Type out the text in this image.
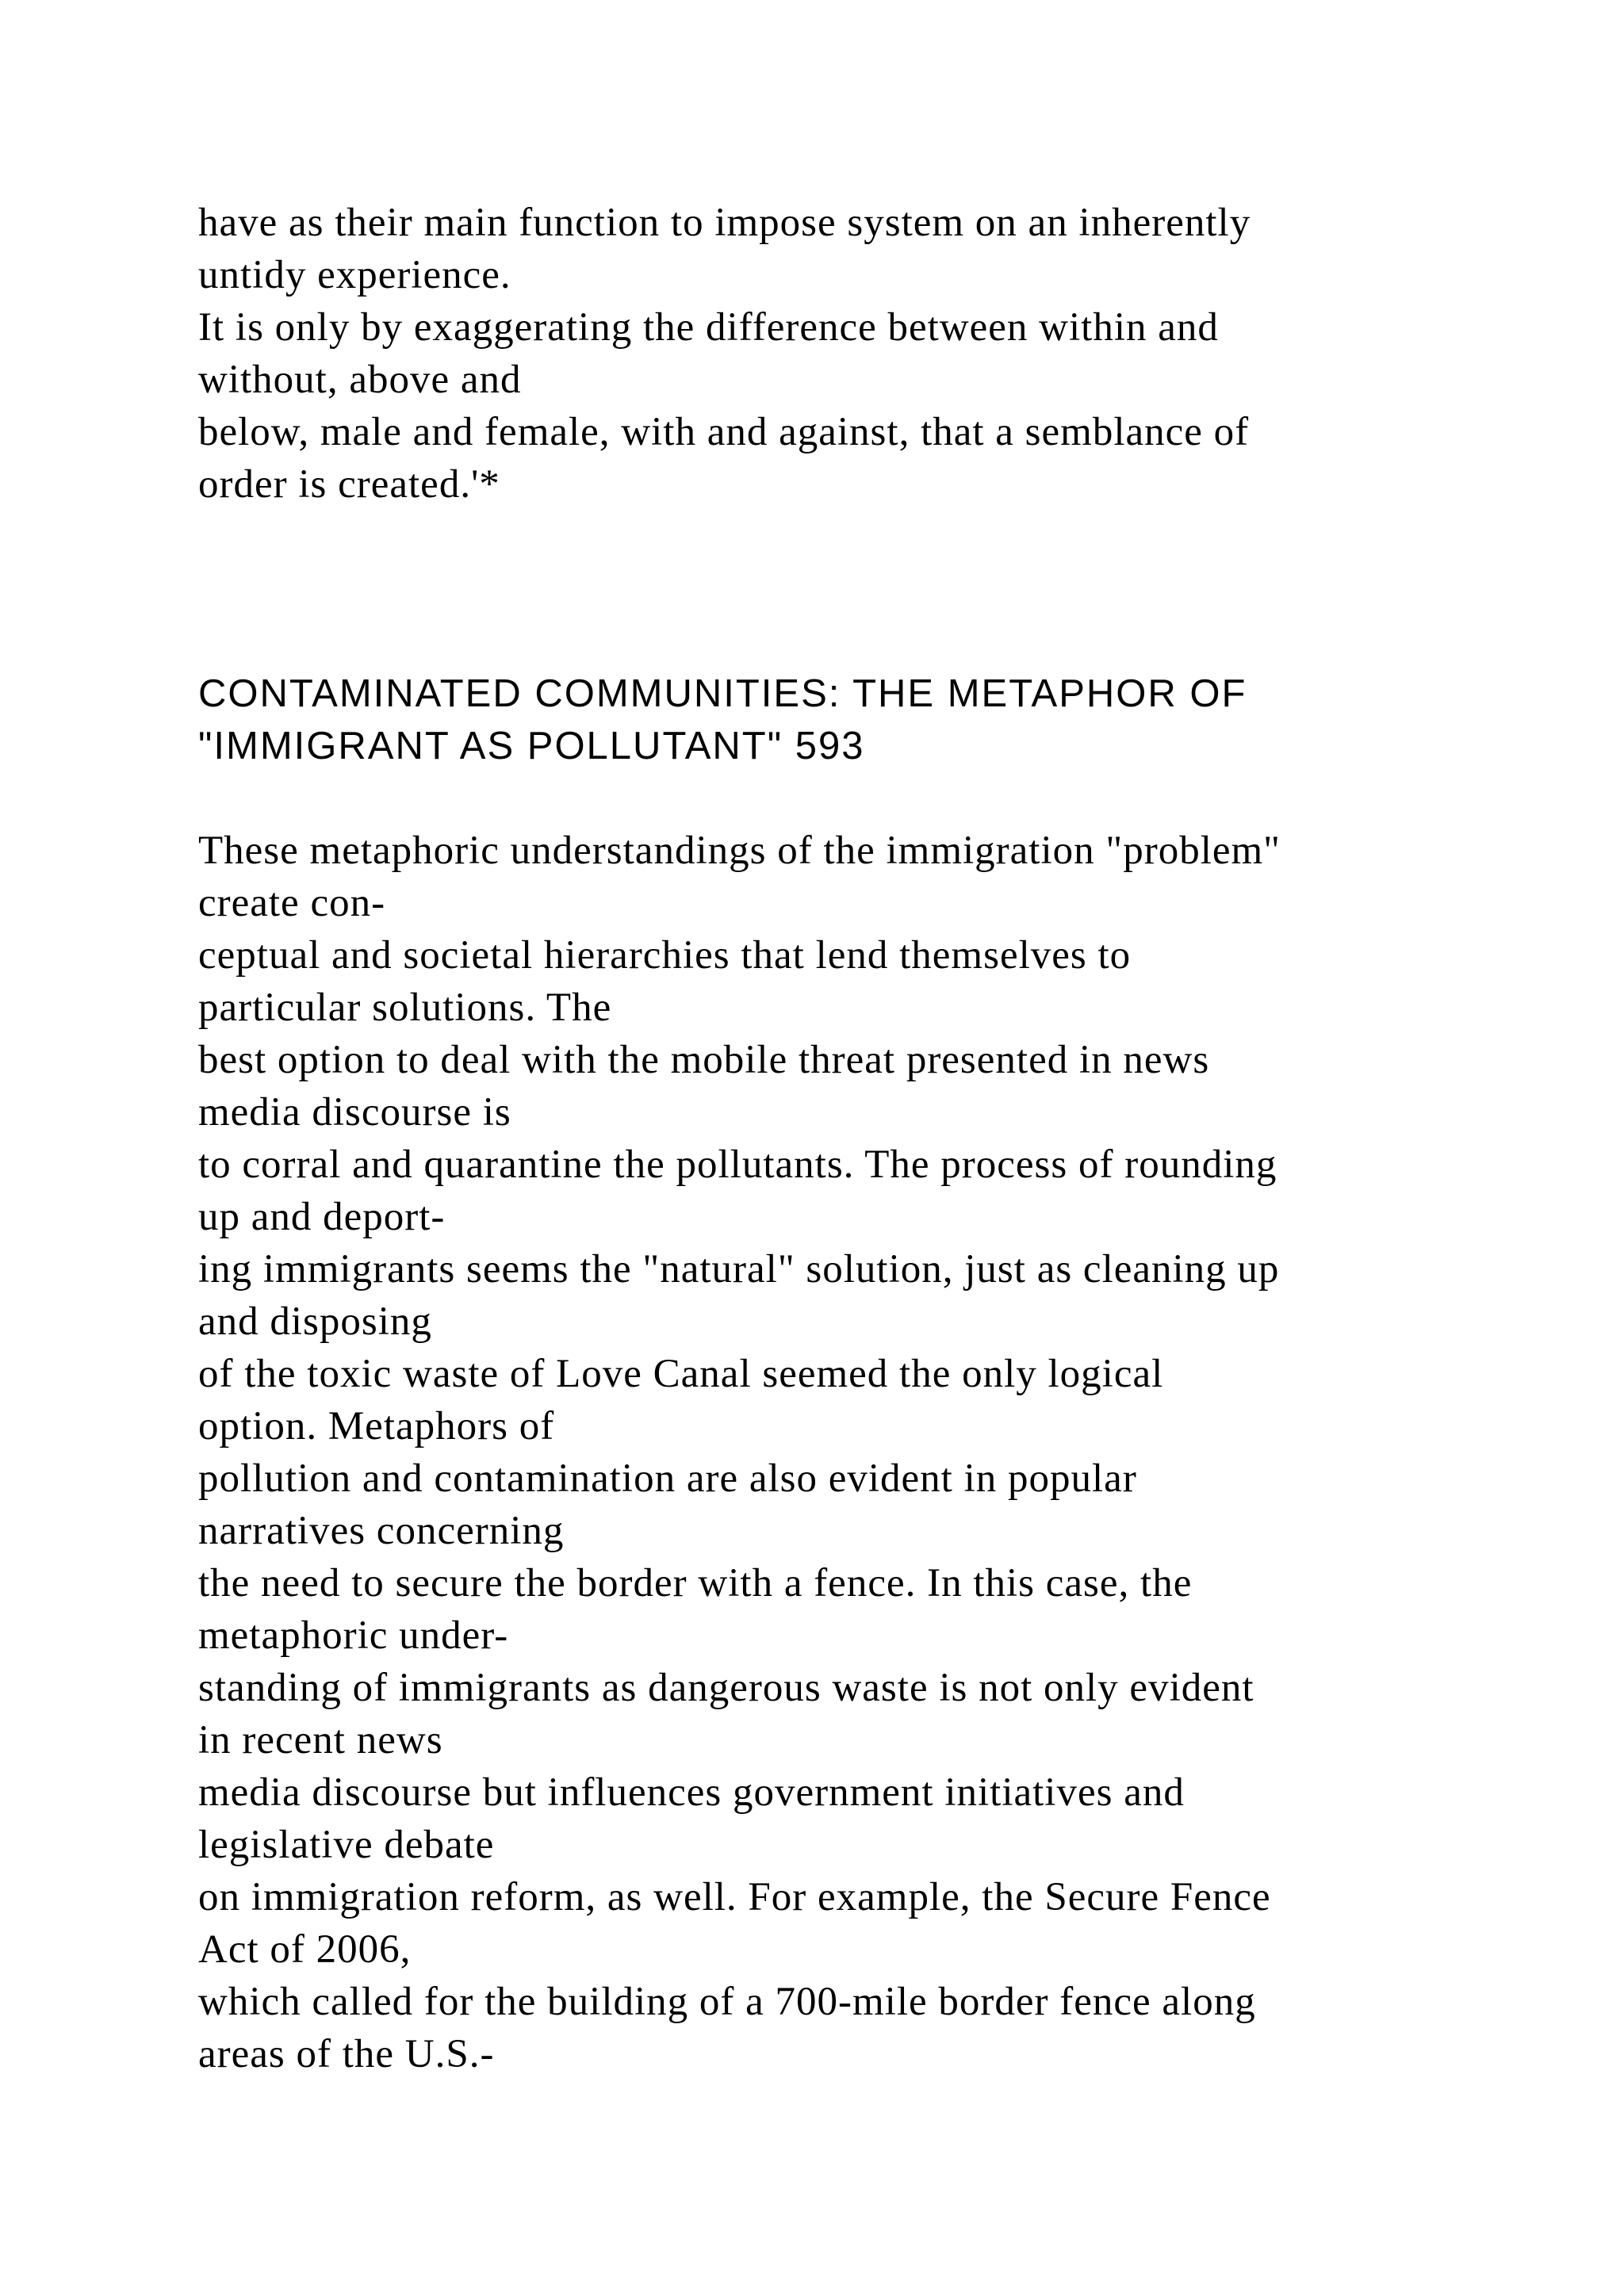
have as their main function to impose system on an inherently
untidy experience.
It is only by exaggerating the difference between within and
without, above and
below, male and female, with and against, that a semblance of
order is created.'*
CONTAMINATED COMMUNITIES: THE METAPHOR OF
"IMMIGRANT AS POLLUTANT" 593
These metaphoric understandings of the immigration "problem"
create con-
ceptual and societal hierarchies that lend themselves to
particular solutions. The
best option to deal with the mobile threat presented in news
media discourse is
to corral and quarantine the pollutants. The process of rounding
up and deport-
ing immigrants seems the "natural" solution, just as cleaning up
and disposing
of the toxic waste of Love Canal seemed the only logical
option. Metaphors of
pollution and contamination are also evident in popular
narratives concerning
the need to secure the border with a fence. In this case, the
metaphoric under-
standing of immigrants as dangerous waste is not only evident
in recent news
media discourse but influences government initiatives and
legislative debate
on immigration reform, as well. For example, the Secure Fence
Act of 2006,
which called for the building of a 700-mile border fence along
areas of the U.S.-
